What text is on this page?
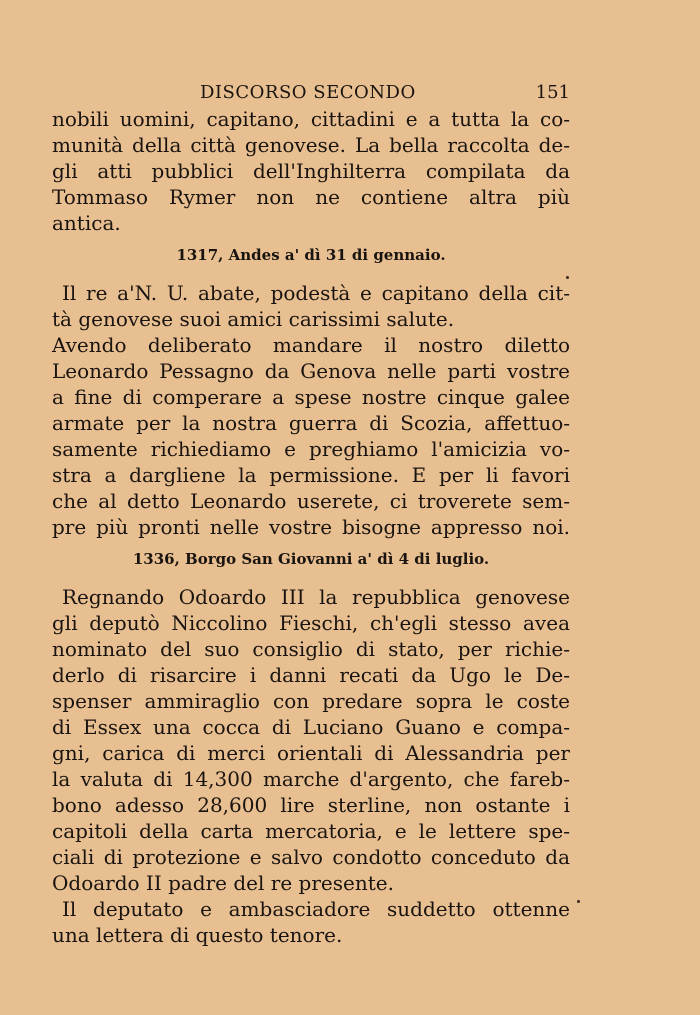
DISCORSO SECONDO	151
nobili uomini, capitano, cittadini e a tutta la co-
munità della città genovese. La bella raccolta de-
gli atti pubblici dell'Inghilterra compilata da
Tommaso Rymer non ne contiene altra più
antica.
1317, Andes a' dì 31 di gennaio.
Il re a'N. U. abate, podestà e capitano della cit-
tà genovese suoi amici carissimi salute.
Avendo deliberato mandare il nostro diletto
Leonardo Pessagno da Genova nelle parti vostre
a fine di comperare a spese nostre cinque galee
armate per la nostra guerra di Scozia, affettuo-
samente richiediamo e preghiamo l'amicizia vo-
stra a dargliene la permissione. E per li favori
che al detto Leonardo userete, ci troverete sem-
pre più pronti nelle vostre bisogne appresso noi.
1336, Borgo San Giovanni a' dì 4 di luglio.
Regnando Odoardo III la repubblica genovese
gli deputò Niccolino Fieschi, ch'egli stesso avea
nominato del suo consiglio di stato, per richie-
derlo di risarcire i danni recati da Ugo le De-
spenser ammiraglio con predare sopra le coste
di Essex una cocca di Luciano Guano e compa-
gni, carica di merci orientali di Alessandria per
la valuta di 14,300 marche d'argento, che fareb-
bono adesso 28,600 lire sterline, non ostante i
capitoli della carta mercatoria, e le lettere spe-
ciali di protezione e salvo condotto conceduto da
Odoardo II padre del re presente.
Il deputato e ambasciadore suddetto ottenne
una lettera di questo tenore.
